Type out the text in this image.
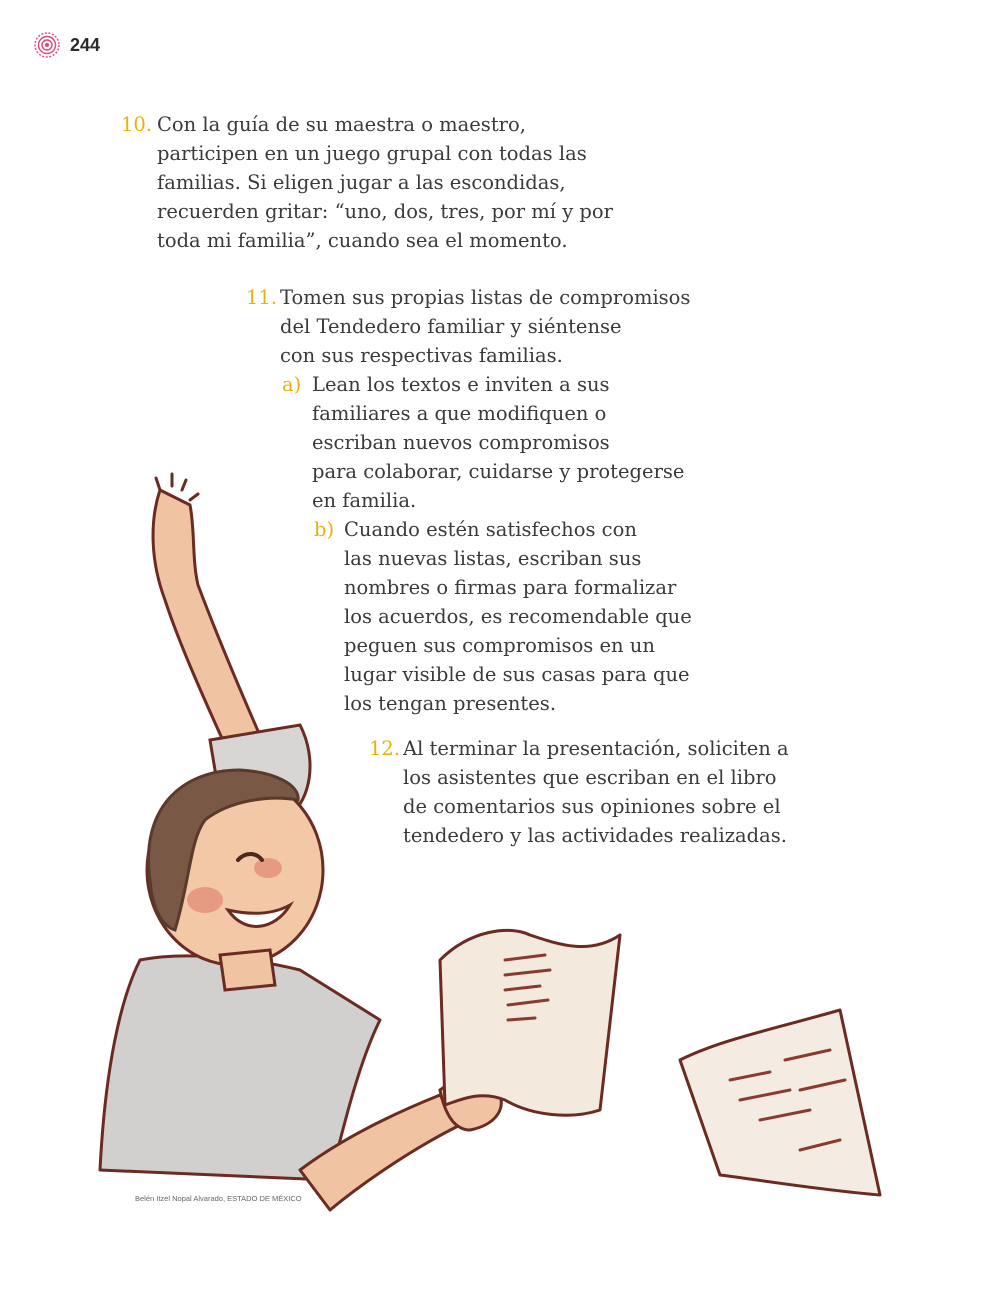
244
10. Con la guía de su maestra o maestro,
participen en un juego grupal con todas las
familias. Si eligen jugar a las escondidas,
recuerden gritar: “uno, dos, tres, por mí y por
toda mi familia”, cuando sea el momento.
11. Tomen sus propias listas de compromisos
del Tendedero familiar y siéntense
con sus respectivas familias.
a) Lean los textos e inviten a sus
familiares a que modifiquen o
escriban nuevos compromisos
para colaborar, cuidarse y protegerse
en familia.
b) Cuando estén satisfechos con
las nuevas listas, escriban sus
nombres o firmas para formalizar
los acuerdos, es recomendable que
peguen sus compromisos en un
lugar visible de sus casas para que
los tengan presentes.
12. Al terminar la presentación, soliciten a
los asistentes que escriban en el libro
de comentarios sus opiniones sobre el
tendedero y las actividades realizadas.
Belén Itzel Nopal Alvarado, ESTADO DE MÉXICO
